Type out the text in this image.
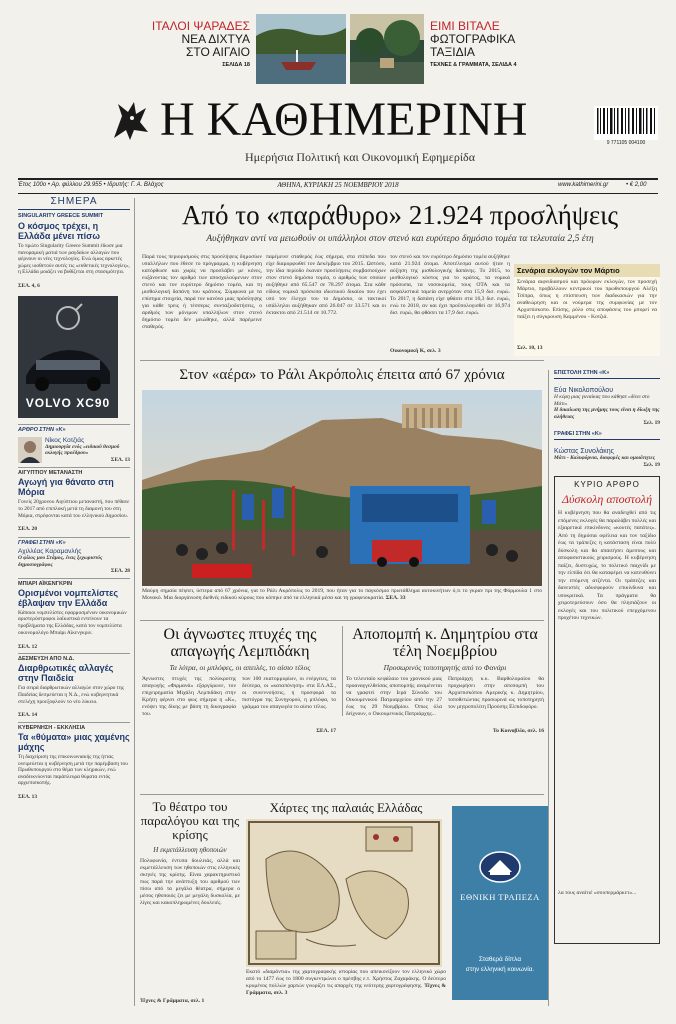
ΙΤΑΛΟΙ ΨΑΡΑΔΕΣ
ΝΕΑ ΔΙΧΤΥΑ
ΣΤΟ ΑΙΓΑΙΟ
ΣΕΛΙΔΑ 18
ΕΙΜΙ ΒΙΤΑΛΕ
ΦΩΤΟΓΡΑΦΙΚΑ
ΤΑΞΙΔΙΑ
ΤΕΧΝΕΣ & ΓΡΑΜΜΑΤΑ, ΣΕΛΙΔΑ 4
Η ΚΑΘΗΜΕΡΙΝΗ
Ημερήσια Πολιτική και Οικονομική Εφημερίδα
9 771105 004100
Έτος 100ο • Αρ. φύλλου 29.955 • Ιδρυτής: Γ. Α. Βλάχος	ΑΘΗΝΑ, ΚΥΡΙΑΚΗ 25 ΝΟΕΜΒΡΙΟΥ 2018	www.kathimerini.gr	• € 2,00
ΣΗΜΕΡΑ
SINGULARITY GREECE SUMMIT
Ο κόσμος τρέχει, η Ελλάδα μένει πίσω
Το πρώτο Singularity Greece Summit έδωσε μια πανοραμική ματιά των ραγδαίων αλλαγών που φέρνουν οι νέες τεχνολογίες. Ενώ όμως αρκετές χώρες υιοθετούν αυτές τις «εκθετικές τεχνολογίες», η Ελλάδα μοιάζει να βυθίζεται στη στασιμότητα.
ΣΕΛ. 4, 6
VOLVO XC90
ΑΡΘΡΟ ΣΤΗΝ «Κ»
Νίκος Κοτζιάς
Δημιουργία ενός «ειδικού θεσμού εκλογής προέδρου»
ΣΕΛ. 13
ΑΙΓΥΠΤΙΟΥ ΜΕΤΑΝΑΣΤΗ
Αγωγή για θάνατο στη Μόρια
Γονείς 20χρονου Αιγύπτιου μεταναστή, που πέθανε το 2017 από επιπλοκή μετά τη διαμονή του στη Μόρια, στρέφονται κατά του ελληνικού Δημοσίου.
ΣΕΛ. 20
ΓΡΑΦΕΙ ΣΤΗΝ «Κ»
Αχιλλέας Καραμανλής
Ο φίλος μου Στάμος, ένας ξεχωριστός δημοσιογράφος
ΣΕΛ. 28
ΜΠΙΑΡΙ ΑΪΚΕΝΓΚΡΙΝ
Ορισμένοι νομπελίστες έβλαψαν την Ελλάδα
Κάποιοι νομπελίστες εφαρμοσμένων οικονομικών αριστερόστροφοι λαϊκιστικά εντείνουν τα προβλήματα της Ελλάδας, κατά τον νομπελίστα οικονομολόγο Μπιάρι Αϊκενγκριν.
ΣΕΛ. 12
ΔΕΣΜΕΥΣΗ ΑΠΟ Ν.Δ.
Διαρθρωτικές αλλαγές στην Παιδεία
Για σειρά διαρθρωτικών αλλαγών στον χώρο της Παιδείας δεσμεύεται η Ν.Δ., ενώ κυβερνητικά στελέχη προεξοφλούν το νέο λύκειο.
ΣΕΛ. 14
ΚΥΒΕΡΝΗΣΗ - ΕΚΚΛΗΣΙΑ
Τα «θύματα» μιας χαμένης μάχης
Τη διαχείριση της επικοινωνιακής της ήττας ονειρεύεται η κυβέρνηση μετά την παρέμβαση του Πρωθυπουργού στο θέμα των κληρικών, ενώ αναδεικνύονται παράπλευρα θύματα εντός αρχιεπισκοπής.
ΣΕΛ. 13
Από το «παράθυρο» 21.924 προσλήψεις
Αυξήθηκαν αντί να μειωθούν οι υπάλληλοι στον στενό και ευρύτερο δημόσιο τομέα τα τελευταία 2,5 έτη
Παρά τους περιορισμούς στις προσλήψεις δημοσίων υπαλλήλων που έθεσε το πρόγραμμα, η κυβέρνηση κατόρθωσε και χωρίς να προσλάβει με κόνες, ευξάνοντας τον αριθμό των αποσχολούμενων στον στενό και τον ευρύτερο δημόσιο τομέα, και τη μισθολογική δαπάνη του κράτους. Σύμφωνα με τα επίσημα στοιχεία, παρά τον κανόνα μιας πρόσληψης για κάθε τρεις ή τέσσερις συνταξιοδοτήσεις, ο αριθμός των μόνιμων υπαλλήλων στον στενό δημόσιο τομέα δεν μειώθηκε, αλλά παρέμεινε σταθερός.
παρέμεινε σταθερός έως σήμερα, στα επίπεδα που είχε διαμορφωθεί τον Δεκέμβριο του 2015. Ωστόσο, την ίδια περίοδο έκαναν προσλήψεις συμβασιούχων στον στενό δημόσιο τομέα, ο αριθμός των οποίων αυξήθηκε από 65.547 σε 78.297 άτομα. Στα κάθε είδους νομικά πρόσωπα ιδιωτικού δικαίου που έχει υπό τον έλεγχο του το Δημόσιο, οι τακτικοί υπάλληλοι αυξήθηκαν από 26.047 σε 33.571 και οι έκτακτοι από 21.514 σε 10.772.
τον στενό και τον ευρύτερο δημόσιο τομέα αυξήθηκε κατά 21.924 άτομα. Αποτέλεσμα αυτού ήταν η αύξηση της μισθολογικής δαπάνης. Το 2015, το μισθολογικό κόστος για το κράτος, τα νομικά πρόσωπα, τα νοσοκομεία, τους ΟΤΑ και τα ασφαλιστικά ταμεία ανερχόταν στα 15,9 δισ. ευρώ. Το 2017, η δαπάνη είχε φθάσει στα 16,3 δισ. ευρώ, ενώ το 2018, αν και έχει προϋπολογισθεί σε 16,974 δισ. ευρώ, θα φθάσει τα 17,9 δισ. ευρώ.
Οικονομική Κ, σελ. 3
Σενάρια εκλογών τον Μάρτιο
Σενάρια αιφνιδιασμού και πρόωρων εκλογών, τον προσεχή Μάρτιο, προβάλλουν κεντρικοί του πρωθυπουργού Αλέξη Τσίπρα, όπως η επίσπευση των διαδικασιών για την αναθεώρηση και οι νούμερα της συμφωνίας με τον Αρχιεπίσκοπο. Επίσης, ρόλο στις αποφάσεις του μπορεί να παίξει η σύγκρουση Καμμένου - Κοτζιά.
Σελ. 10, 13
Στον «αέρα» το Ράλι Ακρόπολις έπειτα από 67 χρόνια
Μαύρη σημαία πέφτει, ύστερα από 67 χρόνια, για το Ράλι Ακρόπολις το 2019, που ήταν για το παγκόσμιο πρωτάθλημα αυτοκινήτων ό,τι το γκραν πρι της Φόρμουλα 1 στο Μονακό. Μια διοργάνωση διεθνές ειδικού κύρους που κόπηκε από τα ελληνικά μέσα και τη γραφειοκρατία. ΣΕΛ. 33
ΕΠΙΣΤΟΛΗ ΣΤΗΝ «Κ»
Εύα Νικολοπούλου
Η κόρη μιας γυναίκας που κάθησε «δίνει στο Μάτι»
Η δικαίωση της μνήμης τους είναι η δίωξη της αλήθειας
Σελ. 19
ΓΡΑΦΕΙ ΣΤΗΝ «Κ»
Κώστας Συνολάκης
Μάτι - Καλυφόρνια, διαφορές και ομοιότητες
Σελ. 19
ΚΥΡΙΟ ΑΡΘΡΟ
Δύσκολη αποστολή
Η κυβέρνηση που θα αναδειχθεί από τις επόμενες εκλογές θα παραλάβει πολλές και εξαιρετικά επικίνδυνες «κουτές πατάτες». Από τη δημόσια οφέλεια και τον ταξίδιο έως τα τράπεζες η κατάσταση είναι πολύ δύσκολη και θα απαιτήσει άμεσους και αποφασιστικούς χειρισμούς. Η κυβέρνηση παίζει, δυστυχώς, το πολιτικό παιχνίδι με την ελπίδα ότι θα καταφέρει να κατευθύνει την επόμενη ατζέντα. Οι τράπεζες και δανειστές αδυσφορούν επικίνδυνα και υποκριτικά. Τα πράγματα θα χειροτερεύσουν όσο θα πλησιάζουν οι εκλογές και του πολιτικού επερχόμενου προχέτου τεχνικών.
λα τους αναίτιέ «σουπερμάρκετ»...
Οι άγνωστες πτυχές της απαγωγής Λεμπιδάκη
Τα λύτρα, οι μπλόφες, οι απειλές, το αίσιο τέλος
Άγνωστες πτυχές της πολύκροτης απαγωγής «Φιρμανά» εξαργύρωνε, τον επιχειρηματία Μιχάλη Λεμπιδάκη στην Κρήτη φέρνει στο φως σήμερα η «Κ», ενόψει της δίκης με βάση τη δικογραφία του.
των 100 εκατομμυρίων, οι ενέργειες, τα δεύτερα, οι «καταπόνηση» στα ΕΛ.ΑΣ., οι συνεννοήσεις, η προσφορά τα πιστόγρα της Συνηγορού, η μπλόφα, το γράμμα του απαγωγέα το αίσιο τέλος.
ΣΕΛ. 17
Αποπομπή κ. Δημητρίου στα τέλη Νοεμβρίου
Προσωρινός τοποτηρητής από το Φανάρι
Το τελευταίο κεφάλαιο του χρονικού μιας προαναγγελθείσας αποπομπής αναμένεται να γραφτεί στην Ιερά Σύνοδο του Οικουμενικού Πατριαρχείου από την 27 έως τις 29 Νοεμβρίου. Όπως όλα δείχνουν, ο Οικουμενικός Πατριάρχης...
Πατριάρχη κ.κ. Βαρθολομαίου θα προχωρήσει στην αποπομπή του Αρχιεπισκόπου Αμερικής κ. Δημητρίου, τοποθετώντας προσωρινά ως τοποτηρητή τον μητροπολίτη Προύσης Ελπιδοφόρο.
Το Κοινοβλίο, σελ. 16
Το θέατρο του παραλόγου και της κρίσης
Η εκμετάλλευση ηθοποιών
Πολυφωνία, έντυπα δουλειάς, αλλά και εκμετάλλευση των ηθοποιών στις ελληνικές σκηνές της κρίσης. Είναι χαρακτηριστικό πως παρά την ανάπτυξη του αριθμού των πίσω από τα μεγάλα θέατρα, σήμερα ο μέσος ηθοποιός ζει με μεγάλη δυσκολία, με λίγες και κακοπληρωμένες δουλειές.
Τέχνες & Γράμματα, σελ. 1
Χάρτες της παλαιάς Ελλάδας
Εκατό «διαμάντια» της χαρτογραφικής ιστορίας που απεικονίζουν τον ελληνικό χώρο από το 1477 έως το 1800 συγκεντρώνει ο πρέσβης ε.τ. Χρήστος Ζαχαράκης. Ο δεύτερο κρυμένος πολλών χαρτών γνωρίζει τις απαρχές της νεότερης χαρτογράφησης. Τέχνες & Γράμματα, σελ. 3
ΕΘΝΙΚΗ ΤΡΑΠΕΖΑ
Σταθερά δίπλα
στην ελληνική κοινωνία.
